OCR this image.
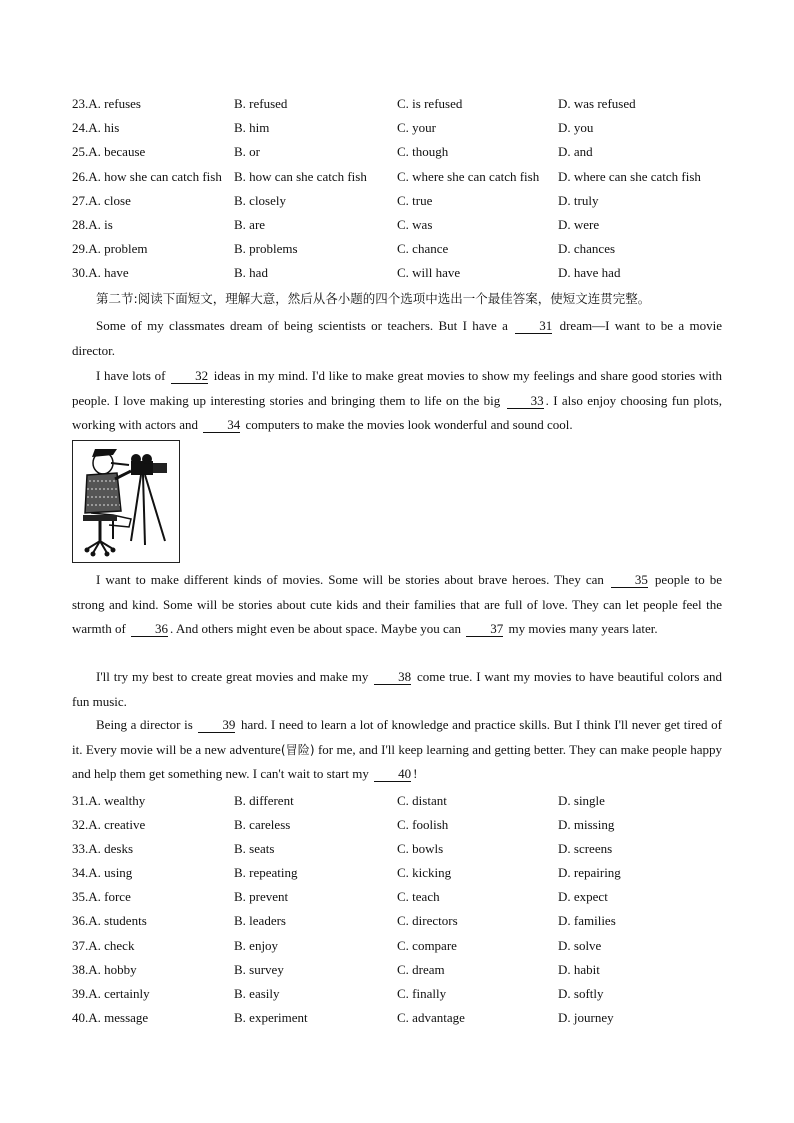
23.A. refuses	B. refused	C. is refused	D. was refused
24.A. his	B. him	C. your	D. you
25.A. because	B. or	C. though	D. and
26.A. how she can catch fish B. how can she catch fish C. where she can catch fish D. where can she catch fish
27.A. close	B. closely	C. true	D. truly
28.A. is	B. are	C. was	D. were
29.A. problem	B. problems	C. chance	D. chances
30.A. have	B. had	C. will have	D. have had
第二节:阅读下面短文，理解大意，然后从各小题的四个选项中选出一个最佳答案，使短文连贯完整。
Some of my classmates dream of being scientists or teachers. But I have a 31 dream—I want to be a movie director.
I have lots of 32 ideas in my mind. I'd like to make great movies to show my feelings and share good stories with people. I love making up interesting stories and bringing them to life on the big 33 . I also enjoy choosing fun plots, working with actors and 34 computers to make the movies look wonderful and sound cool.
I want to make different kinds of movies. Some will be stories about brave heroes. They can 35 people to be strong and kind. Some will be stories about cute kids and their families that are full of love. They can let people feel the warmth of 36 . And others might even be about space. Maybe you can 37 my movies many years later.
I'll try my best to create great movies and make my 38 come true. I want my movies to have beautiful colors and fun music.
Being a director is 39 hard. I need to learn a lot of knowledge and practice skills. But I think I'll never get tired of it. Every movie will be a new adventure(冒险) for me, and I'll keep learning and getting better. They can make people happy and help them get something new. I can't wait to start my 40 !
31.A. wealthy	B. different	C. distant	D. single
32.A. creative	B. careless	C. foolish	D. missing
33.A. desks	B. seats	C. bowls	D. screens
34.A. using	B. repeating	C. kicking	D. repairing
35.A. force	B. prevent	C. teach	D. expect
36.A. students	B. leaders	C. directors	D. families
37.A. check	B. enjoy	C. compare	D. solve
38.A. hobby	B. survey	C. dream	D. habit
39.A. certainly	B. easily	C. finally	D. softly
40.A. message	B. experiment	C. advantage	D. journey
